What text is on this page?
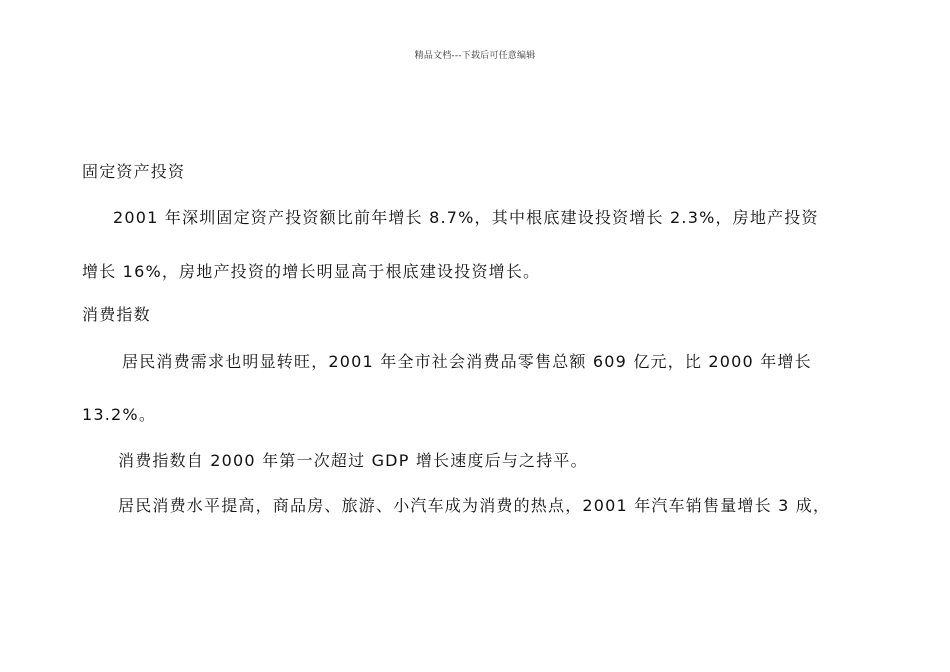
精品文档---下载后可任意编辑
固定资产投资
2001 年深圳固定资产投资额比前年增长 8.7%，其中根底建设投资增长 2.3%，房地产投资
增长 16%，房地产投资的增长明显高于根底建设投资增长。
消费指数
居民消费需求也明显转旺，2001 年全市社会消费品零售总额 609 亿元，比 2000 年增长
13.2%。
消费指数自 2000 年第一次超过 GDP 增长速度后与之持平。
居民消费水平提高，商品房、旅游、小汽车成为消费的热点，2001 年汽车销售量增长 3 成，
